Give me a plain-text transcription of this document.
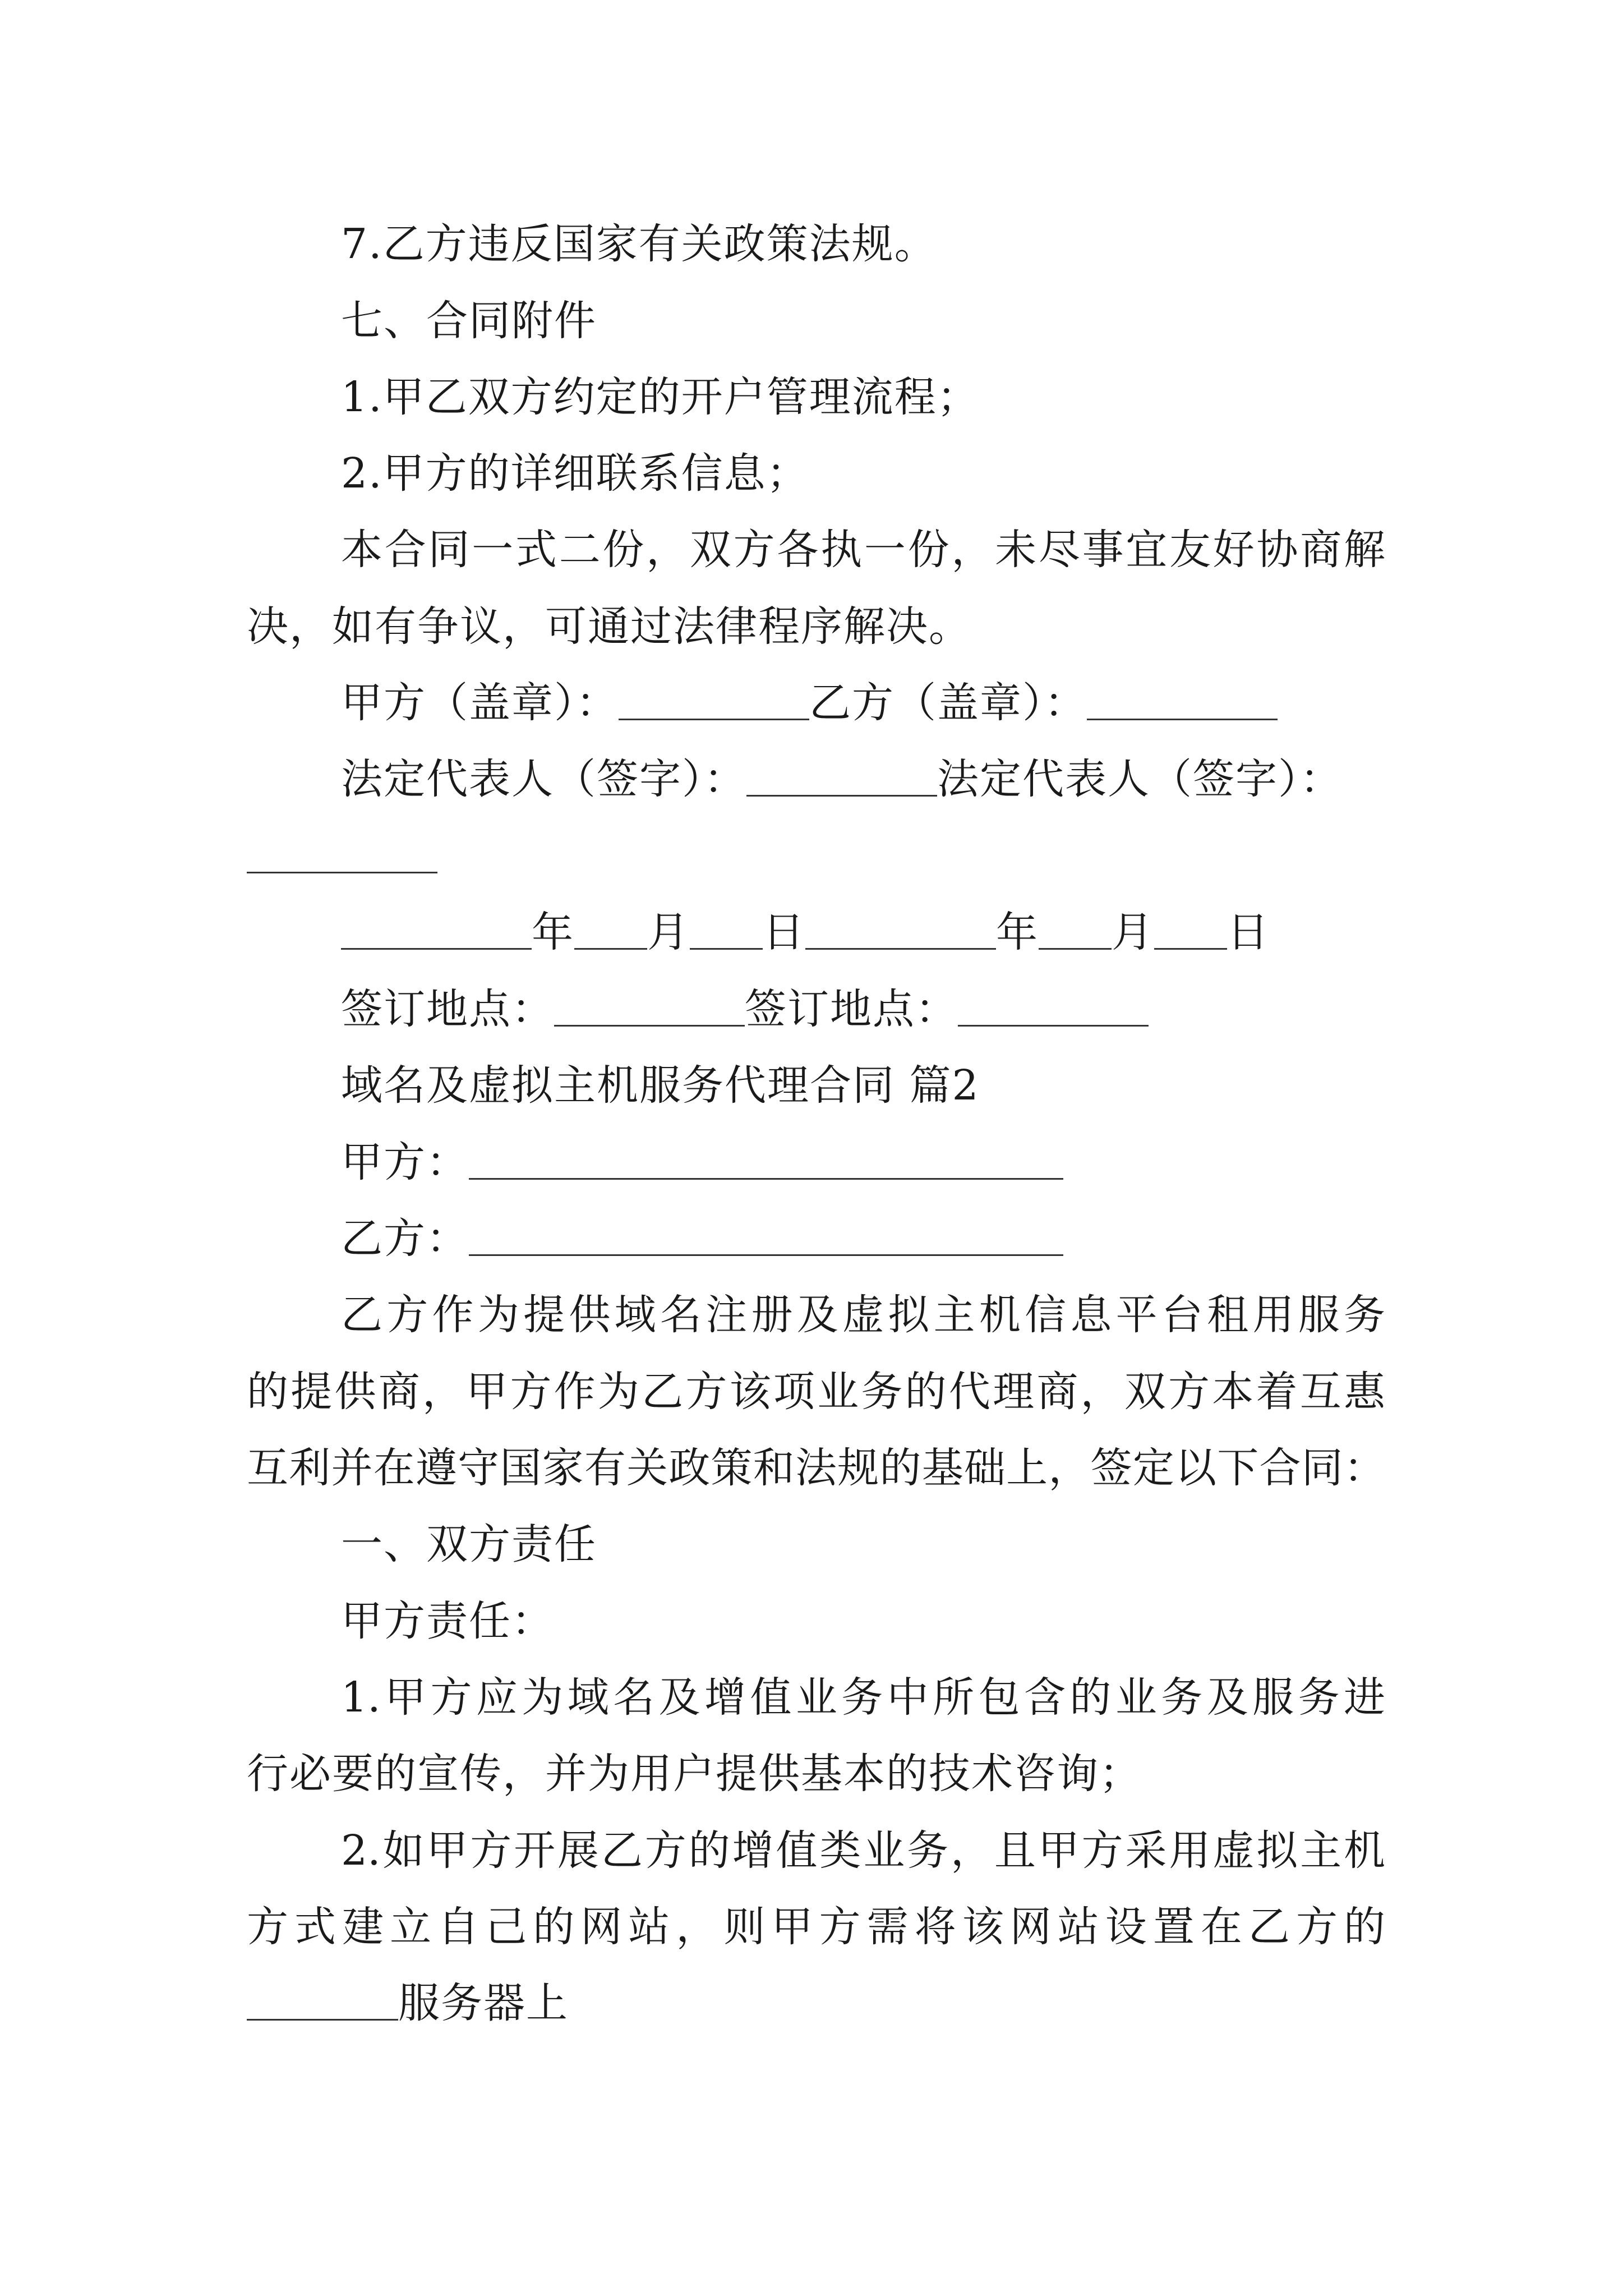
7.乙方违反国家有关政策法规。
七、合同附件
1.甲乙双方约定的开户管理流程；
2.甲方的详细联系信息；
本合同一式二份，双方各执一份，未尽事宜友好协商解
决，如有争议，可通过法律程序解决。
甲方（盖章）：	乙方（盖章）：
法定代表人（签字）：	法定代表人（签字）：
年 月 日	年 月 日
签订地点：	签订地点：
域名及虚拟主机服务代理合同 篇2
甲方：
乙方：
乙方作为提供域名注册及虚拟主机信息平台租用服务
的提供商，甲方作为乙方该项业务的代理商，双方本着互惠
互利并在遵守国家有关政策和法规的基础上，签定以下合同：
一、双方责任
甲方责任：
1.甲方应为域名及增值业务中所包含的业务及服务进
行必要的宣传，并为用户提供基本的技术咨询；
2.如甲方开展乙方的增值类业务，且甲方采用虚拟主机
方式建立自己的网站，则甲方需将该网站设置在乙方的
服务器上
